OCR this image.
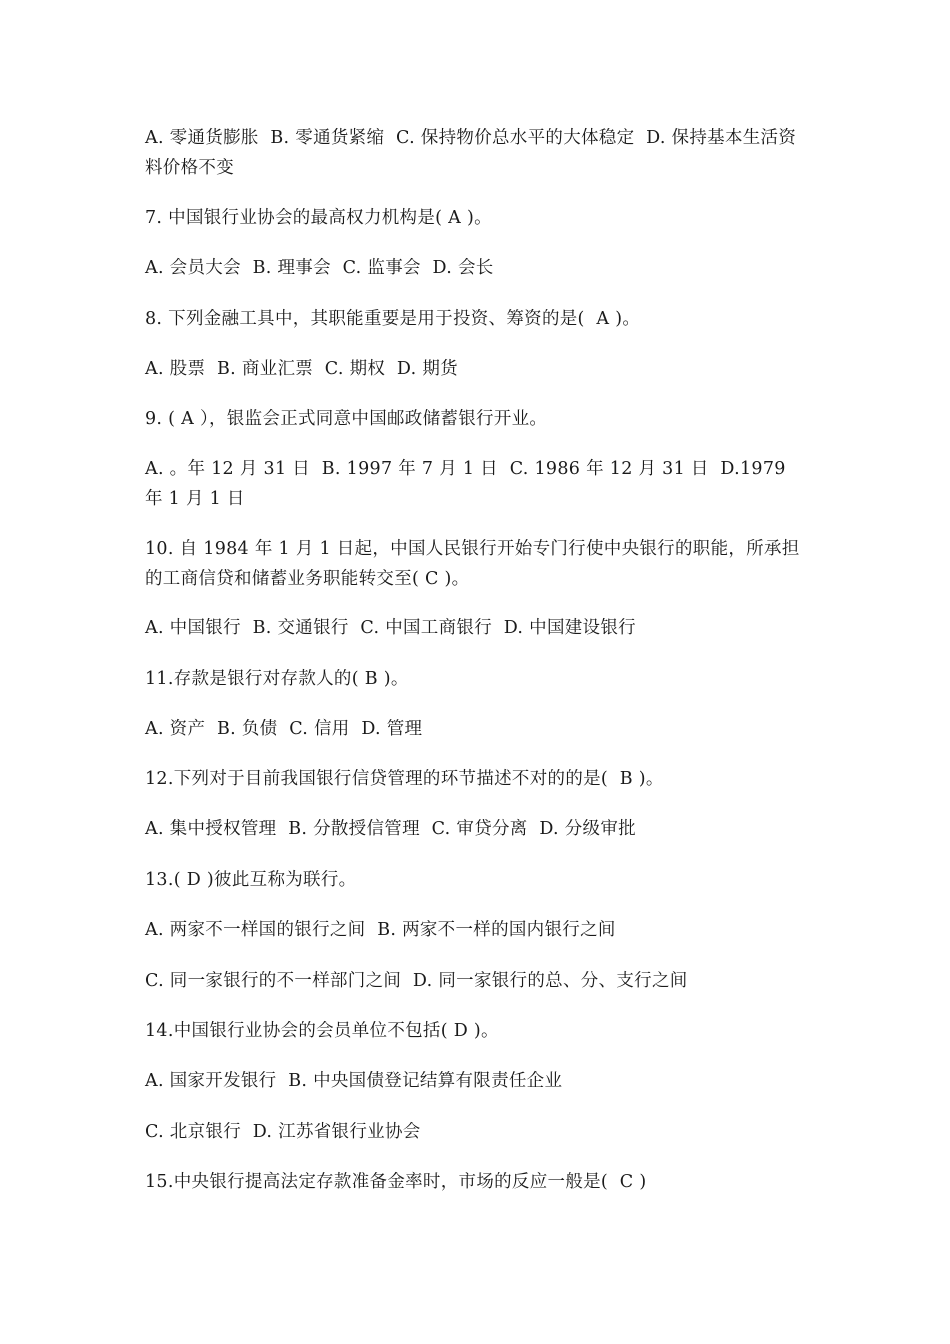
A. 零通货膨胀  B. 零通货紧缩  C. 保持物价总水平的大体稳定  D. 保持基本生活资料价格不变
7. 中国银行业协会的最高权力机构是( A )。
A. 会员大会  B. 理事会  C. 监事会  D. 会长
8. 下列金融工具中，其职能重要是用于投资、筹资的是(  A )。
A. 股票  B. 商业汇票  C. 期权  D. 期货
9. ( A ），银监会正式同意中国邮政储蓄银行开业。
A. 。年 12 月 31 日  B. 1997 年 7 月 1 日  C. 1986 年 12 月 31 日  D.1979 年 1 月 1 日
10. 自 1984 年 1 月 1 日起，中国人民银行开始专门行使中央银行的职能，所承担的工商信贷和储蓄业务职能转交至( C )。
A. 中国银行  B. 交通银行  C. 中国工商银行  D. 中国建设银行
11.存款是银行对存款人的( B )。
A. 资产  B. 负债  C. 信用  D. 管理
12.下列对于目前我国银行信贷管理的环节描述不对的的是(  B )。
A. 集中授权管理  B. 分散授信管理  C. 审贷分离  D. 分级审批
13.( D )彼此互称为联行。
A. 两家不一样国的银行之间  B. 两家不一样的国内银行之间
C. 同一家银行的不一样部门之间  D. 同一家银行的总、分、支行之间
14.中国银行业协会的会员单位不包括( D )。
A. 国家开发银行  B. 中央国债登记结算有限责任企业
C. 北京银行  D. 江苏省银行业协会
15.中央银行提高法定存款准备金率时，市场的反应一般是(  C )
